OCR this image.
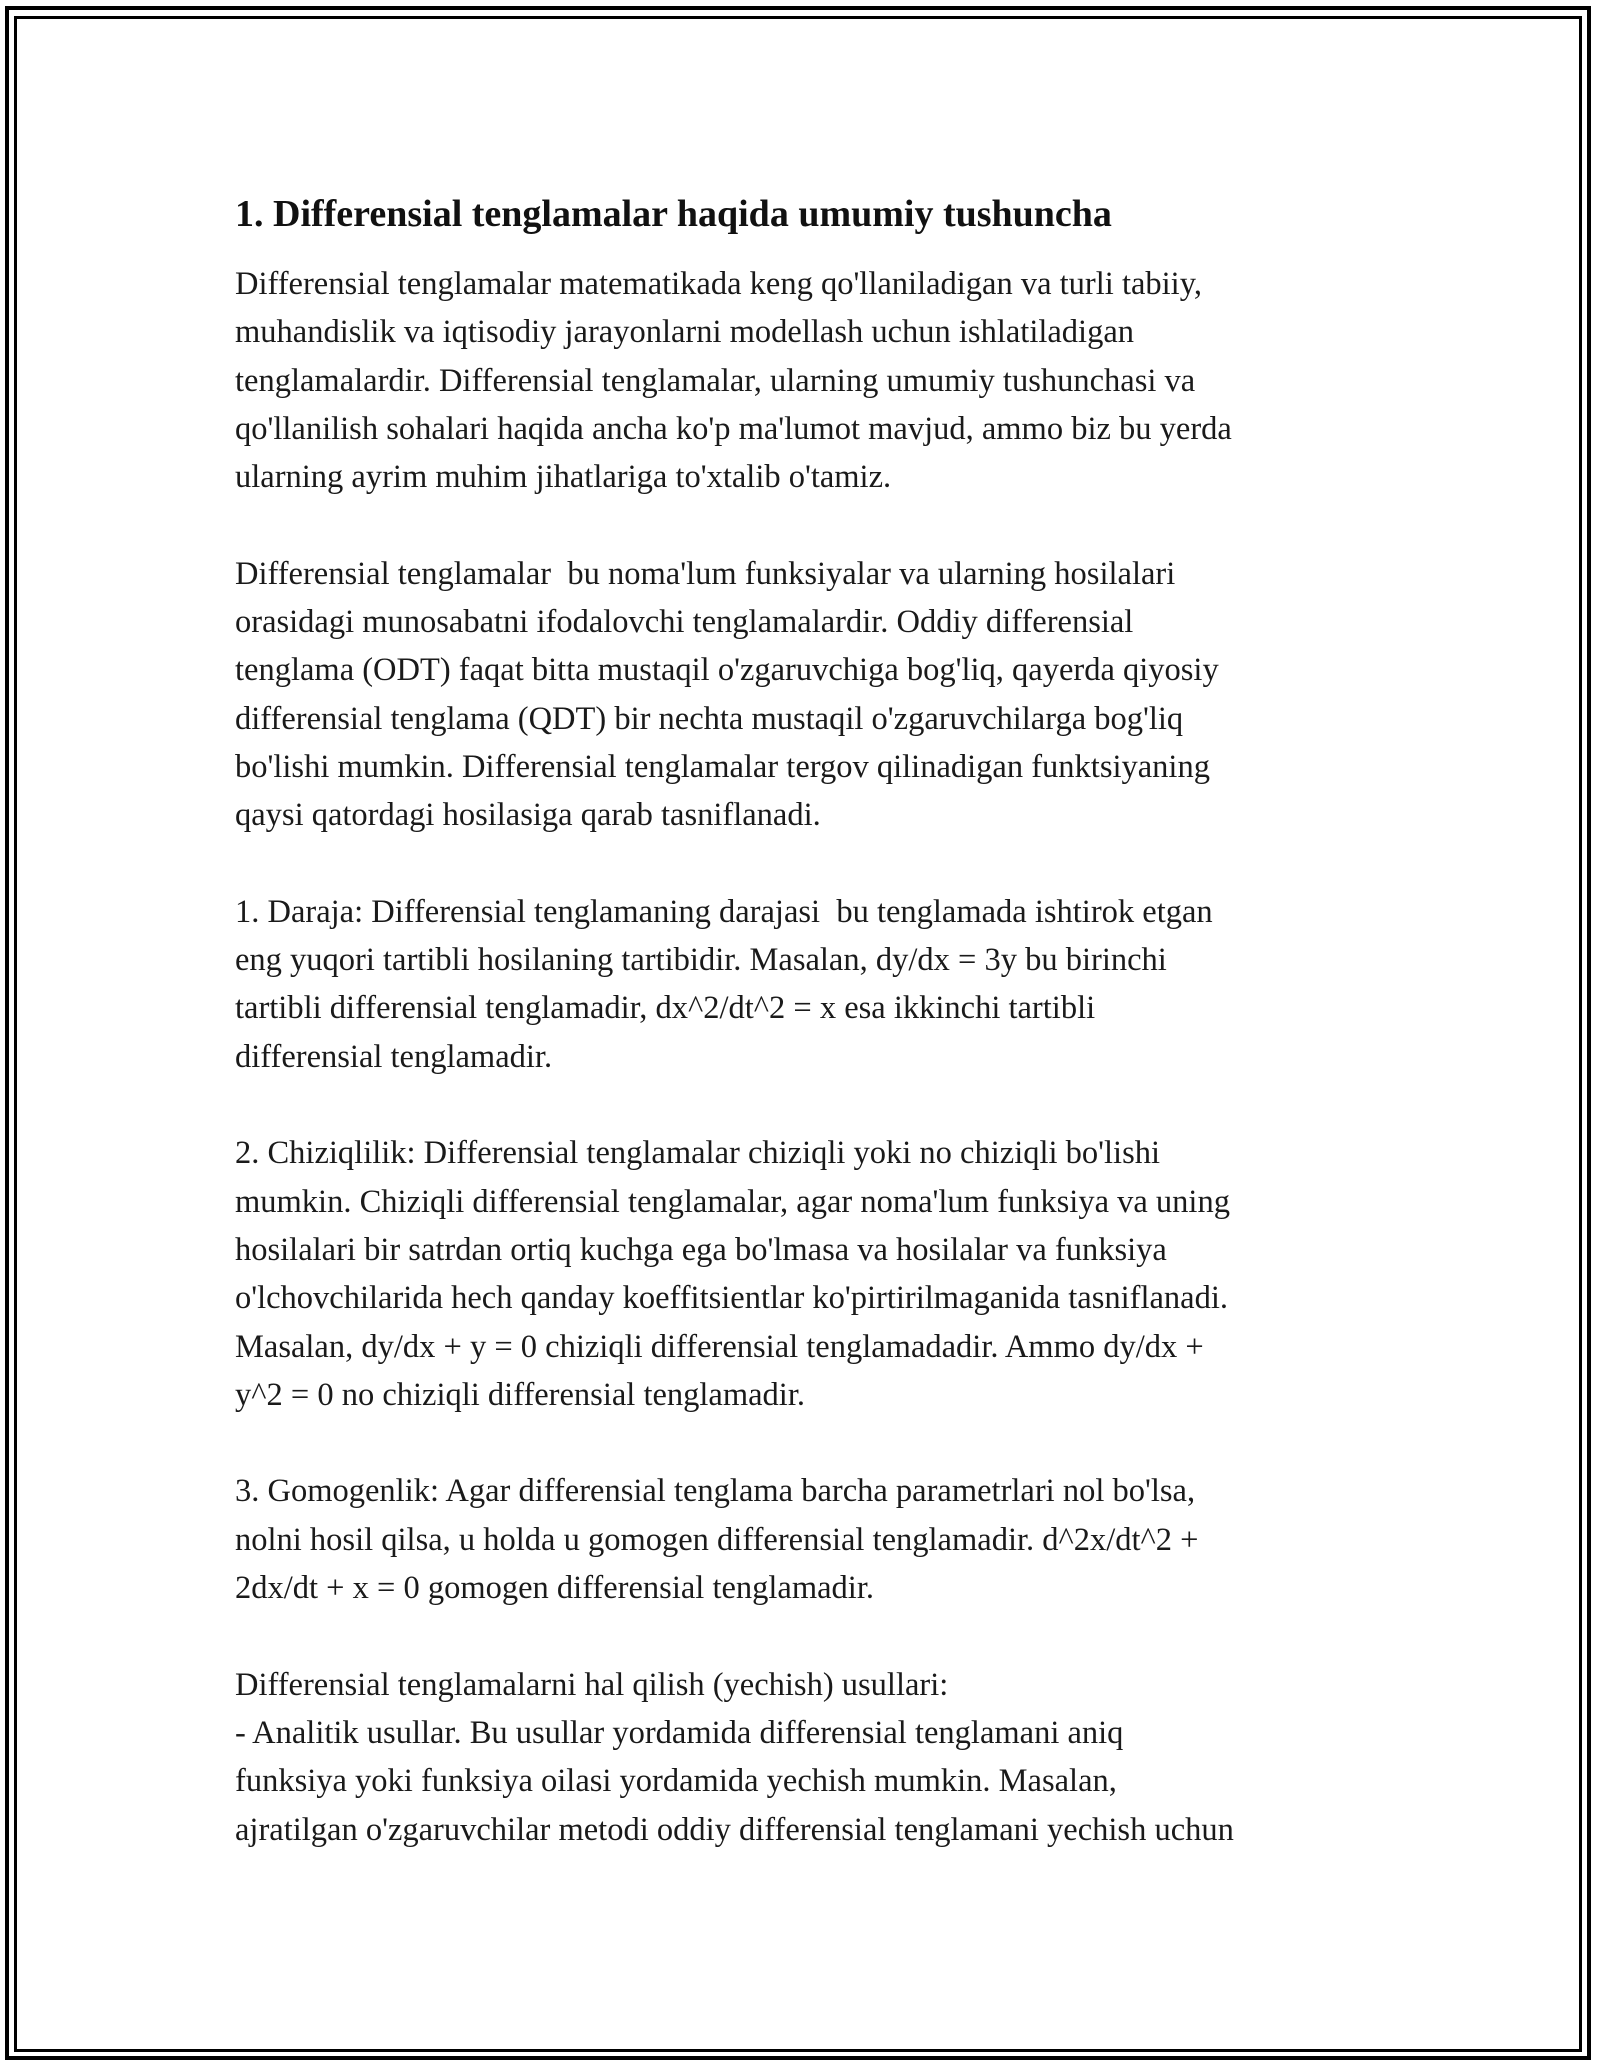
1. Differensial tenglamalar haqida umumiy tushuncha
Differensial tenglamalar matematikada keng qo'llaniladigan va turli tabiiy,
muhandislik va iqtisodiy jarayonlarni modellash uchun ishlatiladigan
tenglamalardir. Differensial tenglamalar, ularning umumiy tushunchasi va
qo'llanilish sohalari haqida ancha ko'p ma'lumot mavjud, ammo biz bu yerda
ularning ayrim muhim jihatlariga to'xtalib o'tamiz.
Differensial tenglamalar  bu noma'lum funksiyalar va ularning hosilalari
orasidagi munosabatni ifodalovchi tenglamalardir. Oddiy differensial
tenglama (ODT) faqat bitta mustaqil o'zgaruvchiga bog'liq, qayerda qiyosiy
differensial tenglama (QDT) bir nechta mustaqil o'zgaruvchilarga bog'liq
bo'lishi mumkin. Differensial tenglamalar tergov qilinadigan funktsiyaning
qaysi qatordagi hosilasiga qarab tasniflanadi.
1. Daraja: Differensial tenglamaning darajasi  bu tenglamada ishtirok etgan
eng yuqori tartibli hosilaning tartibidir. Masalan, dy/dx = 3y bu birinchi
tartibli differensial tenglamadir, dx^2/dt^2 = x esa ikkinchi tartibli
differensial tenglamadir.
2. Chiziqlilik: Differensial tenglamalar chiziqli yoki no chiziqli bo'lishi
mumkin. Chiziqli differensial tenglamalar, agar noma'lum funksiya va uning
hosilalari bir satrdan ortiq kuchga ega bo'lmasa va hosilalar va funksiya
o'lchovchilarida hech qanday koeffitsientlar ko'pirtirilmaganida tasniflanadi.
Masalan, dy/dx + y = 0 chiziqli differensial tenglamadadir. Ammo dy/dx +
y^2 = 0 no chiziqli differensial tenglamadir.
3. Gomogenlik: Agar differensial tenglama barcha parametrlari nol bo'lsa,
nolni hosil qilsa, u holda u gomogen differensial tenglamadir. d^2x/dt^2 +
2dx/dt + x = 0 gomogen differensial tenglamadir.
Differensial tenglamalarni hal qilish (yechish) usullari:
- Analitik usullar. Bu usullar yordamida differensial tenglamani aniq
funksiya yoki funksiya oilasi yordamida yechish mumkin. Masalan,
ajratilgan o'zgaruvchilar metodi oddiy differensial tenglamani yechish uchun
